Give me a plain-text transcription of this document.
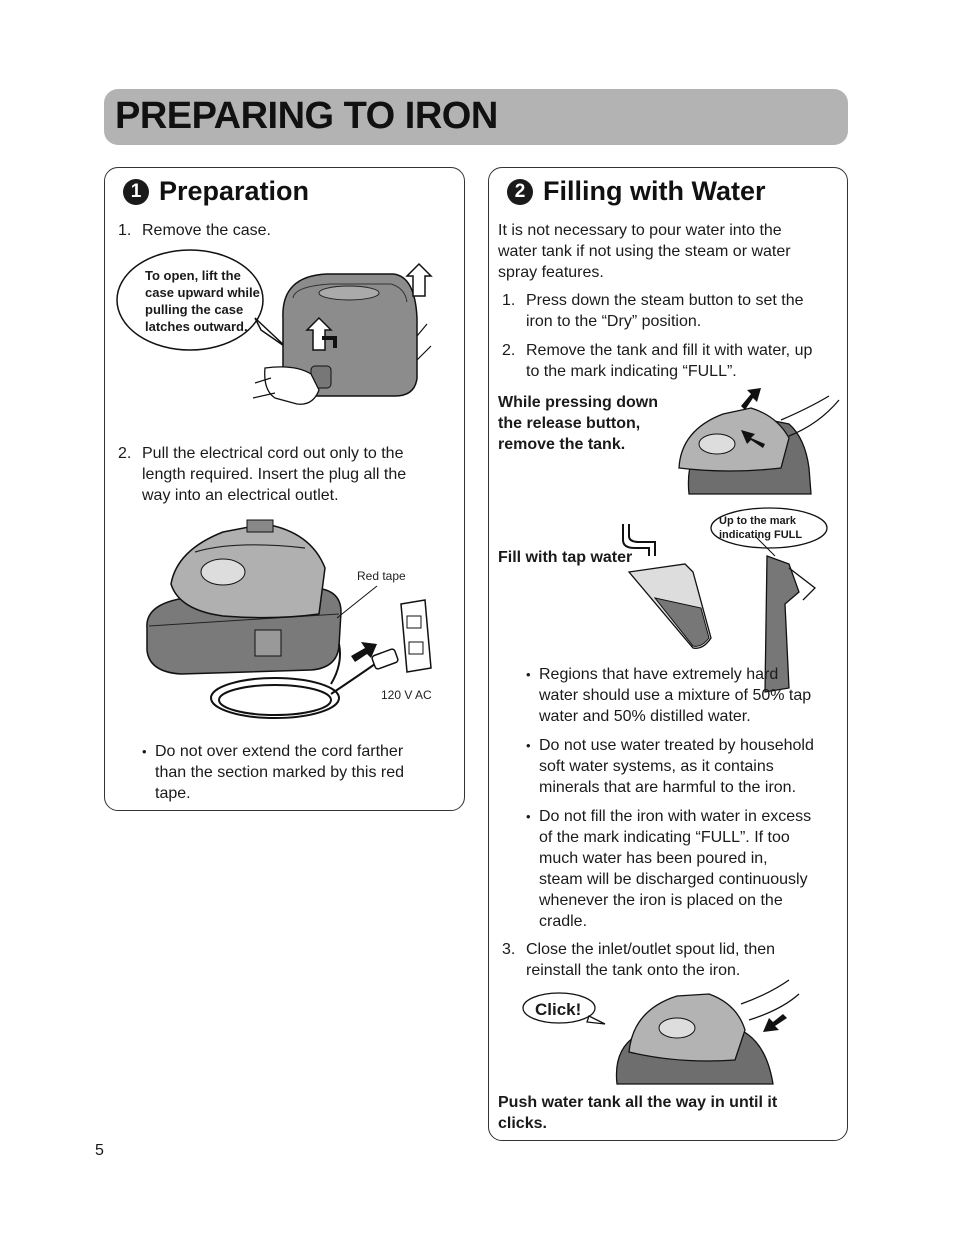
PREPARING TO IRON
1 Preparation
1. Remove the case.
To open, lift the
case upward while
pulling the case
latches outward.
2. Pull the electrical cord out only to the
length required. Insert the plug all the
way into an electrical outlet.
Red tape
120 V AC
• Do not over extend the cord farther
than the section marked by this red
tape.
2 Filling with Water
It is not necessary to pour water into the
water tank if not using the steam or water
spray features.
1. Press down the steam button to set the
iron to the “Dry” position.
2. Remove the tank and fill it with water, up
to the mark indicating “FULL”.
While pressing down
the release button,
remove the tank.
Up to the mark
indicating FULL
Fill with tap water
• Regions that have extremely hard
water should use a mixture of 50% tap
water and 50% distilled water.
• Do not use water treated by household
soft water systems, as it contains
minerals that are harmful to the iron.
• Do not fill the iron with water in excess
of the mark indicating “FULL”. If too
much water has been poured in,
steam will be discharged continuously
whenever the iron is placed on the
cradle.
3. Close the inlet/outlet spout lid, then
reinstall the tank onto the iron.
Click!
Push water tank all the way in until it
clicks.
5
